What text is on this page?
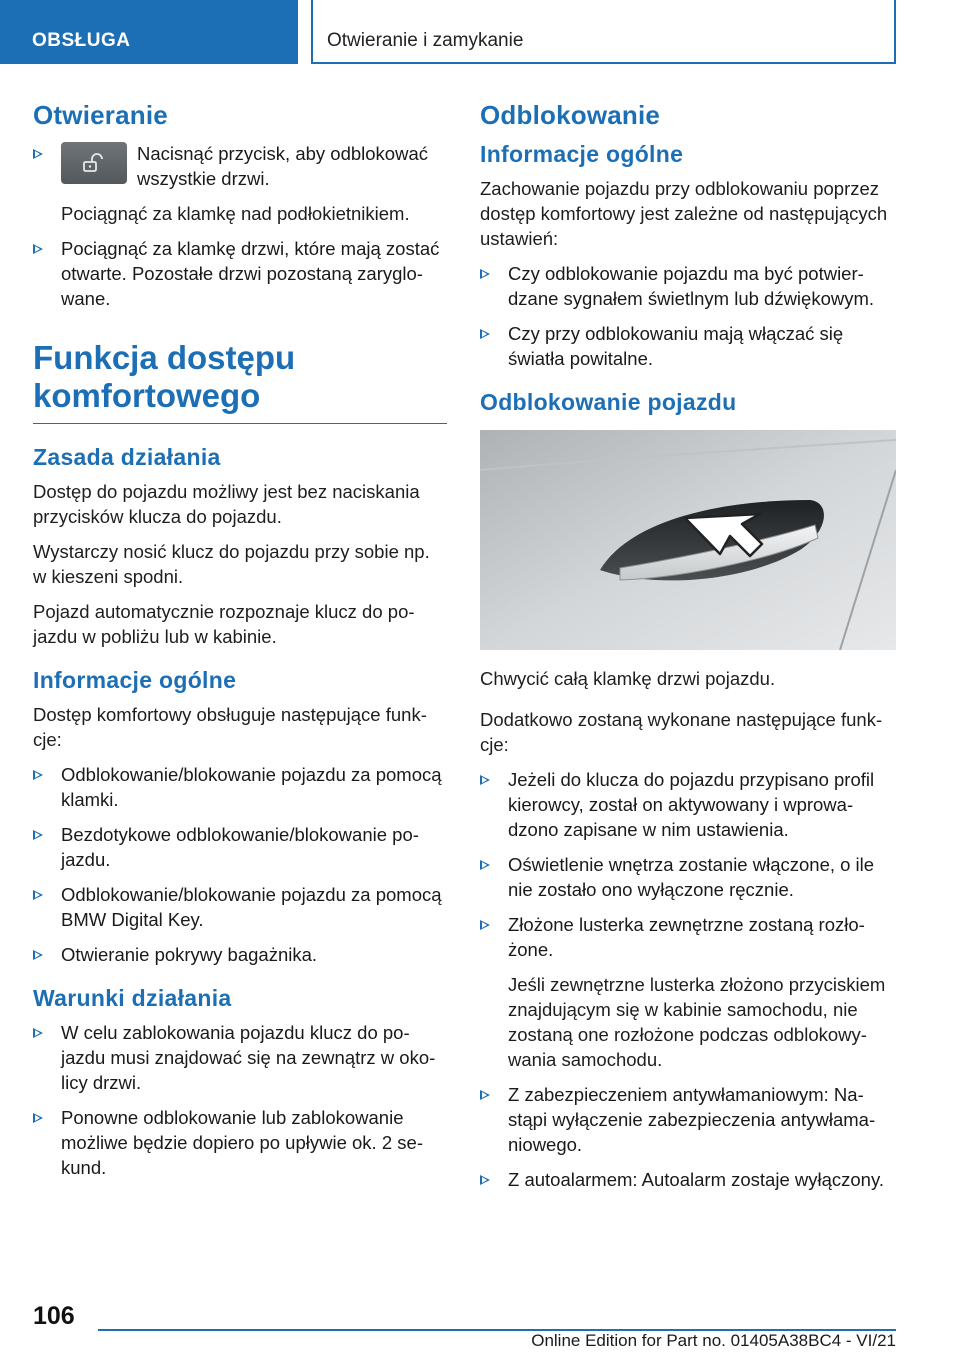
OBSŁUGA	Otwieranie i zamykanie
Otwieranie
Nacisnąć przycisk, aby odblokować wszystkie drzwi.

Pociągnąć za klamkę nad podłokietnikiem.

Pociągnąć za klamkę drzwi, które mają zostać otwarte. Pozostałe drzwi pozostaną zaryglowane.
Funkcja dostępu komfortowego
Zasada działania

Dostęp do pojazdu możliwy jest bez naciskania przycisków klucza do pojazdu.

Wystarczy nosić klucz do pojazdu przy sobie np. w kieszeni spodni.

Pojazd automatycznie rozpoznaje klucz do pojazdu w pobliżu lub w kabinie.

Informacje ogólne

Dostęp komfortowy obsługuje następujące funkcje:

Odblokowanie/blokowanie pojazdu za pomocą klamki.
Bezdotykowe odblokowanie/blokowanie pojazdu.
Odblokowanie/blokowanie pojazdu za pomocą BMW Digital Key.
Otwieranie pokrywy bagażnika.
Warunki działania
W celu zablokowania pojazdu klucz do pojazdu musi znajdować się na zewnątrz w okolicy drzwi.
Ponowne odblokowanie lub zablokowanie możliwe będzie dopiero po upływie ok. 2 sekund.
Odblokowanie
Informacje ogólne

Zachowanie pojazdu przy odblokowaniu poprzez dostęp komfortowy jest zależne od następujących ustawień:

Czy odblokowanie pojazdu ma być potwierdzane sygnałem świetlnym lub dźwiękowym.
Czy przy odblokowaniu mają włączać się światła powitalne.
Odblokowanie pojazdu

Chwycić całą klamkę drzwi pojazdu.

Dodatkowo zostaną wykonane następujące funkcje:

Jeżeli do klucza do pojazdu przypisano profil kierowcy, został on aktywowany i wprowadzono zapisane w nim ustawienia.
Oświetlenie wnętrza zostanie włączone, o ile nie zostało ono wyłączone ręcznie.
Złożone lusterka zewnętrzne zostaną rozłożone.

Jeśli zewnętrzne lusterka złożono przyciskiem znajdującym się w kabinie samochodu, nie zostaną one rozłożone podczas odblokowywania samochodu.

Z zabezpieczeniem antywłamaniowym: Nastąpi wyłączenie zabezpieczenia antywłamaniowego.
Z autoalarmem: Autoalarm zostaje wyłączony.
106
Online Edition for Part no. 01405A38BC4 - VI/21
